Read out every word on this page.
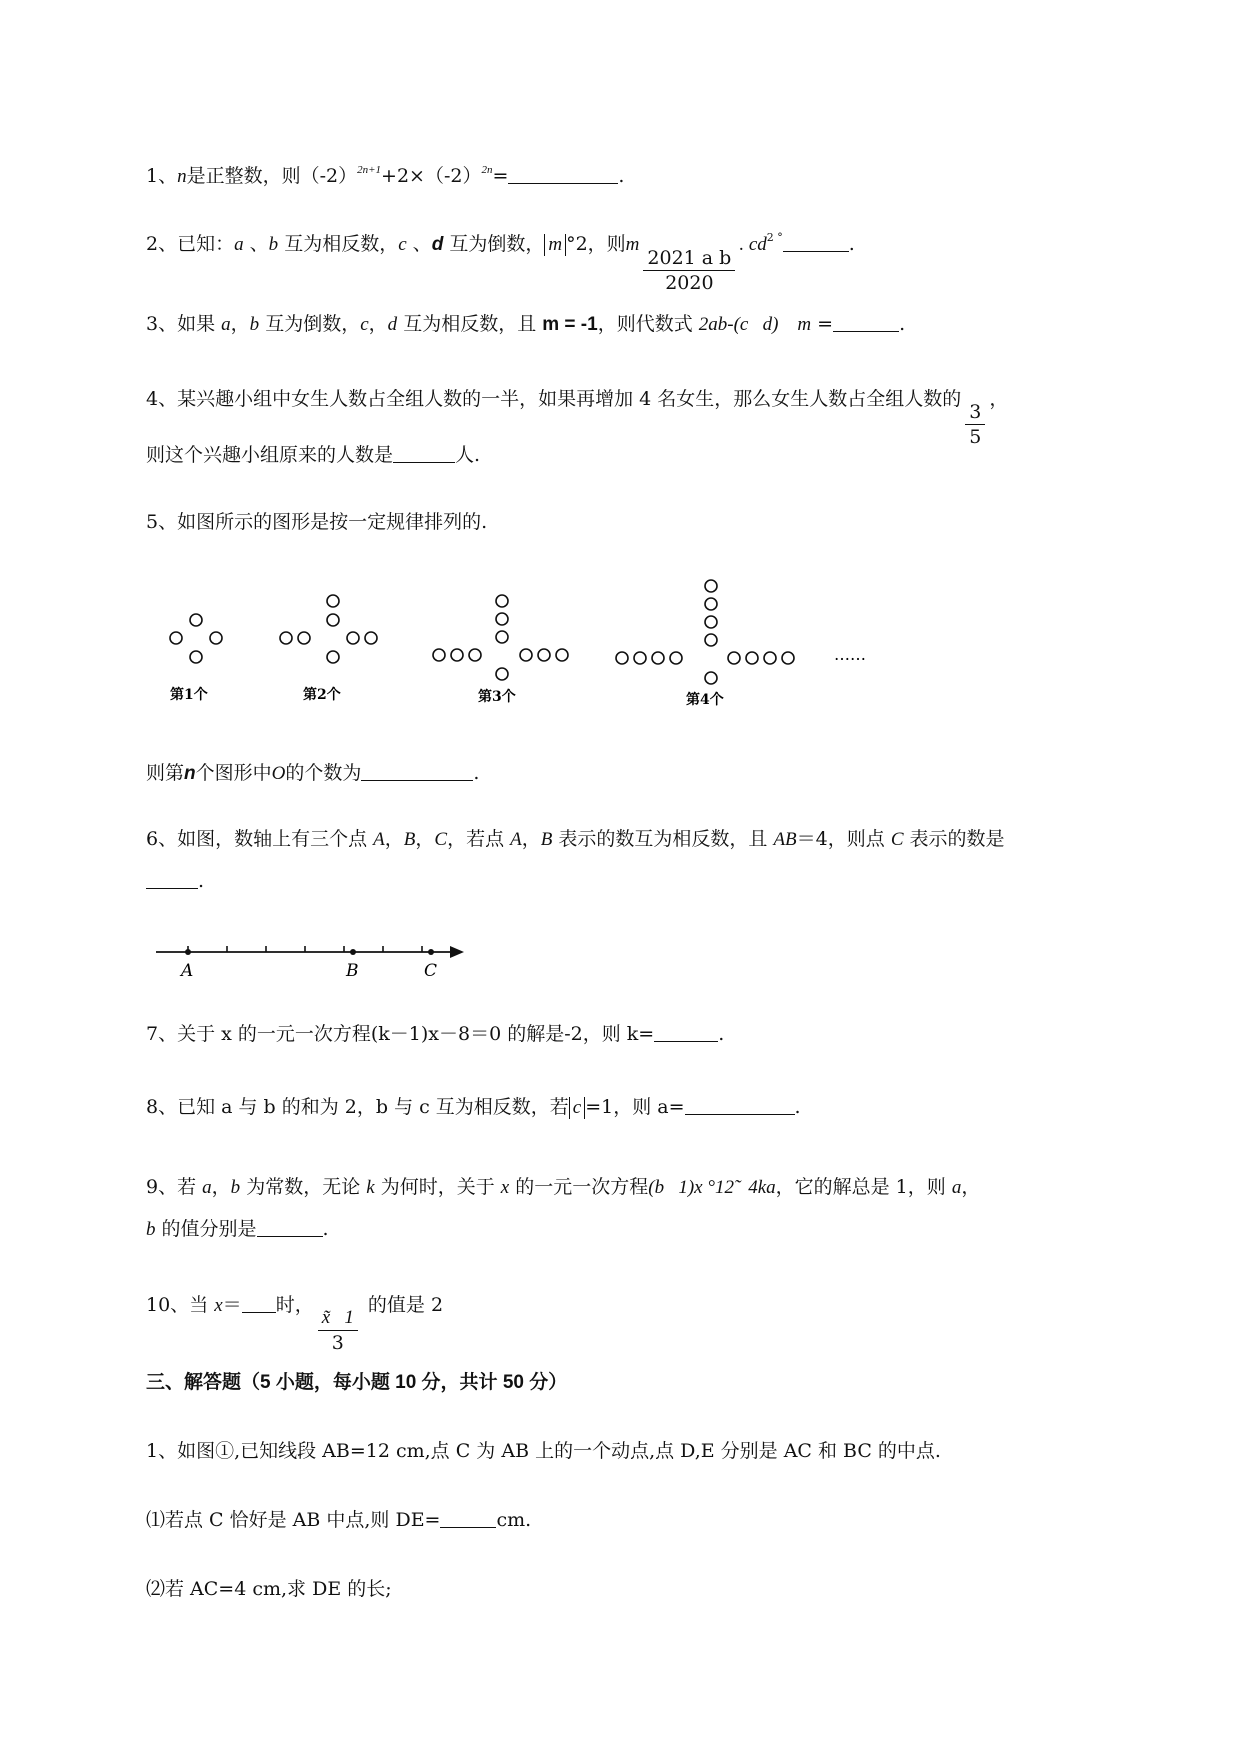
1、n是正整数，则$(-2)^{2n+1}+2\times(-2)^{2n}=$	.
2、已知：a 、b 互为相反数，c 、d 互为倒数， m °2，则m
$\frac{\text{2021 a b}}{2020}$
. $cd^{2 ^\circ}$	.
3、如果 a，b 互为倒数，c，d 互为相反数，且 m = -1，则代数式 2ab-(c   d)    m =	.
4、某兴趣小组中女生人数占全组人数的一半，如果再增加 4 名女生，那么女生人数占全组人数的
$\frac{3}{5}$
，
则这个兴趣小组原来的人数是	人.
5、如图所示的图形是按一定规律排列的.
……
第1个	第2个	第3个	第4个
则第n个图形中O的个数为	.
6、如图，数轴上有三个点 A，B，C，若点 A，B 表示的数互为相反数，且 AB＝4，则点 C 表示的数是
.
A	B	C
7、关于 x 的一元一次方程(k－1)x－8＝0 的解是-2，则 k=	.
8、已知 a 与 b 的和为 2，b 与 c 互为相反数，若 c =1，则 a=	.
9、若 a，b 为常数，无论 k 为何时，关于 x 的一元一次方程(b   1)x °12̃   4ka，它的解总是 1，则 a，
b 的值分别是	.
10、当 x＝ 时，
$\frac{x̃ 1}{3}$
的值是 2
三、解答题（5 小题，每小题 10 分，共计 50 分）
1、如图①,已知线段 AB=12 cm,点 C 为 AB 上的一个动点,点 D,E 分别是 AC 和 BC 的中点.
⑴若点 C 恰好是 AB 中点,则 DE=	cm.
⑵若 AC=4 cm,求 DE 的长;
